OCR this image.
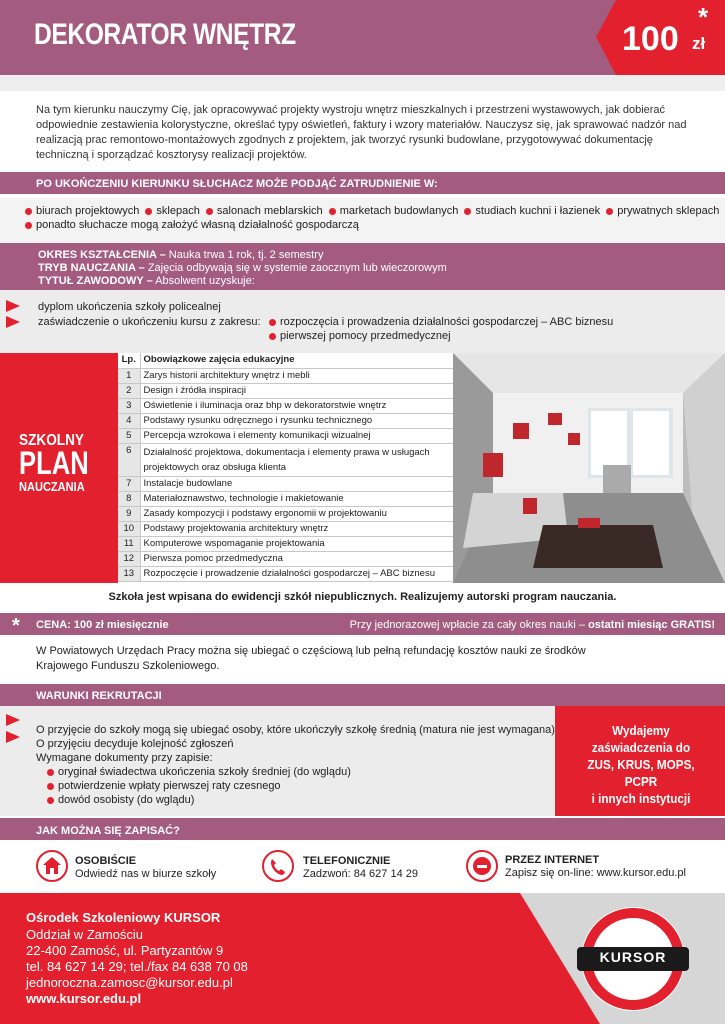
DEKORATOR WNĘTRZ	100 zł
*
Na tym kierunku nauczymy Cię, jak opracowywać projekty wystroju wnętrz mieszkalnych i przestrzeni wystawowych, jak dobierać odpowiednie zestawienia kolorystyczne, określać typy oświetleń, faktury i wzory materiałów. Nauczysz się, jak sprawować nadzór nad realizacją prac remontowo-montażowych zgodnych z projektem, jak tworzyć rysunki budowlane, przygotowywać dokumentację techniczną i sporządzać kosztorysy realizacji projektów.
PO UKOŃCZENIU KIERUNKU SŁUCHACZ MOŻE PODJĄĆ ZATRUDNIENIE W:
biurach projektowych sklepach salonach meblarskich marketach budowlanych studiach kuchni i łazienek prywatnych sklepach
ponadto słuchacze mogą założyć własną działalność gospodarczą
OKRES KSZTAŁCENIA – Nauka trwa 1 rok, tj. 2 semestry
TRYB NAUCZANIA – Zajęcia odbywają się w systemie zaocznym lub wieczorowym
TYTUŁ ZAWODOWY – Absolwent uzyskuje:
dyplom ukończenia szkoły policealnej
zaświadczenie o ukończeniu kursu z zakresu:	rozpoczęcia i prowadzenia działalności gospodarczej – ABC biznesu
pierwszej pomocy przedmedycznej
SZKOLNY
PLAN
NAUCZANIA
Lp.	Obowiązkowe zajęcia edukacyjne
1	Zarys historii architektury wnętrz i mebli
2	Design i źródła inspiracji
3	Oświetlenie i iluminacja oraz bhp w dekoratorstwie wnętrz
4	Podstawy rysunku odręcznego i rysunku technicznego
5	Percepcja wzrokowa i elementy komunikacji wizualnej
6	Działalność projektowa, dokumentacja i elementy prawa w usługach projektowych oraz obsługa klienta
7	Instalacje budowlane
8	Materiałoznawstwo, technologie i makietowanie
9	Zasady kompozycji i podstawy ergonomii w projektowaniu
10	Podstawy projektowania architektury wnętrz
11	Komputerowe wspomaganie projektowania
12	Pierwsza pomoc przedmedyczna
13	Rozpoczęcie i prowadzenie działalności gospodarczej – ABC biznesu
Szkoła jest wpisana do ewidencji szkół niepublicznych. Realizujemy autorski program nauczania.
* CENA: 100 zł miesięcznie	Przy jednorazowej wpłacie za cały okres nauki – ostatni miesiąc GRATIS!
W Powiatowych Urzędach Pracy można się ubiegać o częściową lub pełną refundację kosztów nauki ze środków Krajowego Funduszu Szkoleniowego.
WARUNKI REKRUTACJI
O przyjęcie do szkoły mogą się ubiegać osoby, które ukończyły szkołę średnią (matura nie jest wymagana)
O przyjęciu decyduje kolejność zgłoszeń
Wymagane dokumenty przy zapisie:
oryginał świadectwa ukończenia szkoły średniej (do wglądu)
potwierdzenie wpłaty pierwszej raty czesnego
dowód osobisty (do wglądu)
Wydajemy
zaświadczenia do
ZUS, KRUS, MOPS, PCPR
i innych instytucji
JAK MOŻNA SIĘ ZAPISAĆ?
OSOBIŚCIE
Odwiedź nas w biurze szkoły
TELEFONICZNIE
Zadzwoń: 84 627 14 29
PRZEZ INTERNET
Zapisz się on-line: www.kursor.edu.pl
Ośrodek Szkoleniowy KURSOR
Oddział w Zamościu
22-400 Zamość, ul. Partyzantów 9
tel. 84 627 14 29; tel./fax 84 638 70 08
jednoroczna.zamosc@kursor.edu.pl
www.kursor.edu.pl
KURSOR
